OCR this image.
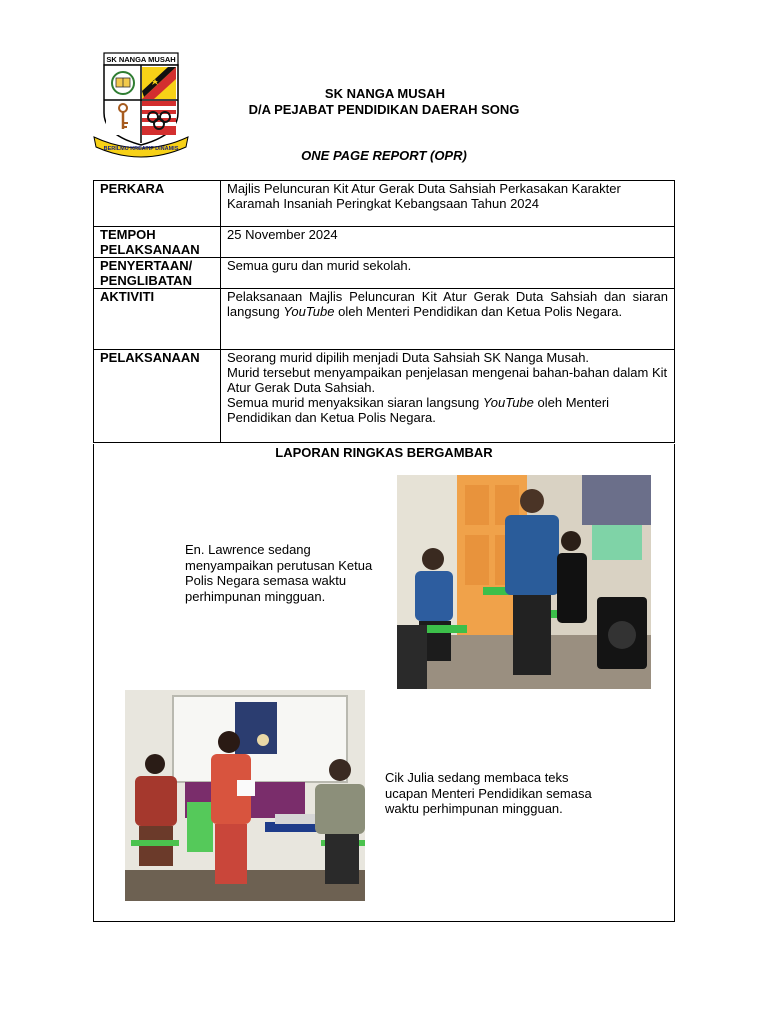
SK NANGA MUSAH
BERILMU KREATIF DINAMIS
SK NANGA MUSAH
D/A PEJABAT PENDIDIKAN DAERAH SONG
ONE PAGE REPORT (OPR)
PERKARA	Majlis Peluncuran Kit Atur Gerak Duta Sahsiah Perkasakan Karakter Karamah Insaniah Peringkat Kebangsaan Tahun 2024
TEMPOH PELAKSANAAN	25 November 2024
PENYERTAAN/ PENGLIBATAN	Semua guru dan murid sekolah.
AKTIVITI	Pelaksanaan Majlis Peluncuran Kit Atur Gerak Duta Sahsiah dan siaran langsung YouTube oleh Menteri Pendidikan dan Ketua Polis Negara.
PELAKSANAAN	Seorang murid dipilih menjadi Duta Sahsiah SK Nanga Musah.
Murid tersebut menyampaikan penjelasan mengenai bahan-bahan dalam Kit Atur Gerak Duta Sahsiah.
Semua murid menyaksikan siaran langsung YouTube oleh Menteri Pendidikan dan Ketua Polis Negara.
LAPORAN RINGKAS BERGAMBAR
En. Lawrence sedang menyampaikan perutusan Ketua Polis Negara semasa waktu perhimpunan mingguan.
Cik Julia sedang membaca teks ucapan Menteri Pendidikan semasa waktu perhimpunan mingguan.
